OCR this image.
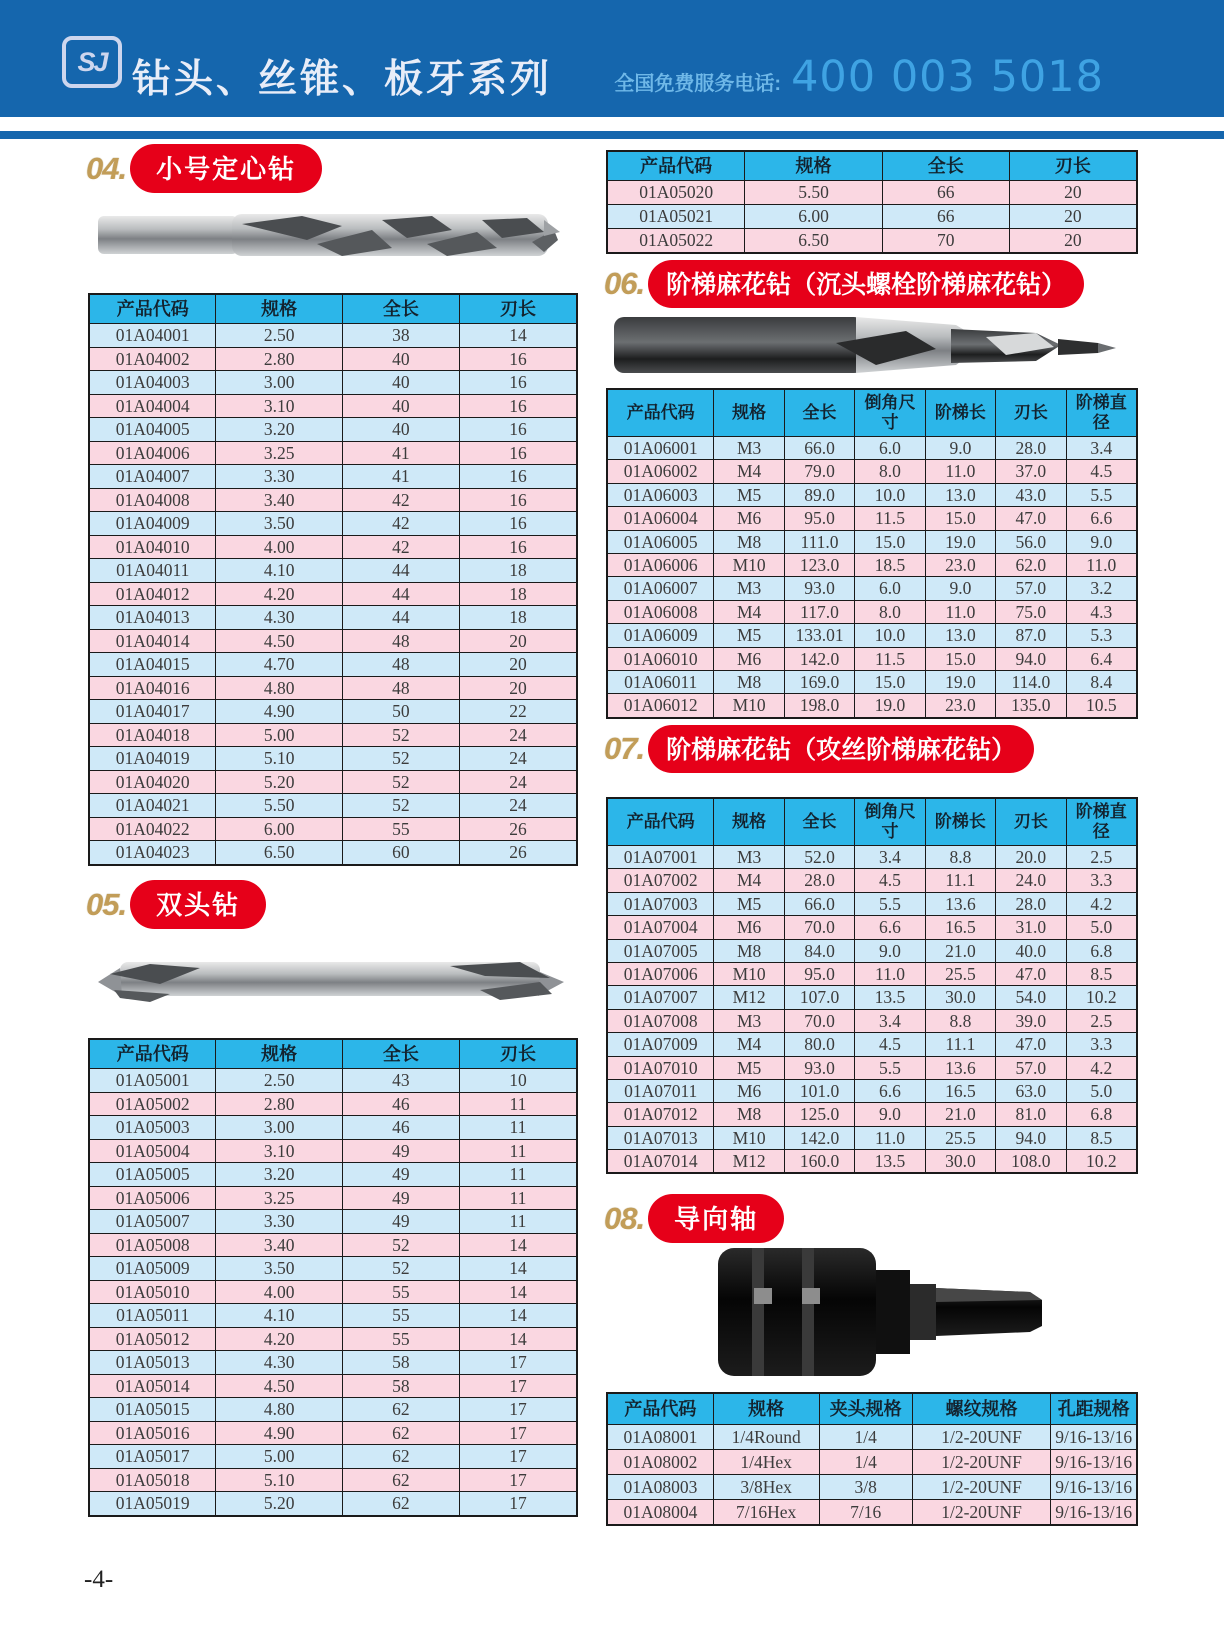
SJ 钻头、丝锥、板牙系列	全国免费服务电话: 400 003 5018
04.	小号定心钻
产品代码	规格	全长	刃长
01A04001	2.50	38	14
01A04002	2.80	40	16
01A04003	3.00	40	16
01A04004	3.10	40	16
01A04005	3.20	40	16
01A04006	3.25	41	16
01A04007	3.30	41	16
01A04008	3.40	42	16
01A04009	3.50	42	16
01A04010	4.00	42	16
01A04011	4.10	44	18
01A04012	4.20	44	18
01A04013	4.30	44	18
01A04014	4.50	48	20
01A04015	4.70	48	20
01A04016	4.80	48	20
01A04017	4.90	50	22
01A04018	5.00	52	24
01A04019	5.10	52	24
01A04020	5.20	52	24
01A04021	5.50	52	24
01A04022	6.00	55	26
01A04023	6.50	60	26
05.	双头钻
产品代码	规格	全长	刃长
01A05001	2.50	43	10
01A05002	2.80	46	11
01A05003	3.00	46	11
01A05004	3.10	49	11
01A05005	3.20	49	11
01A05006	3.25	49	11
01A05007	3.30	49	11
01A05008	3.40	52	14
01A05009	3.50	52	14
01A05010	4.00	55	14
01A05011	4.10	55	14
01A05012	4.20	55	14
01A05013	4.30	58	17
01A05014	4.50	58	17
01A05015	4.80	62	17
01A05016	4.90	62	17
01A05017	5.00	62	17
01A05018	5.10	62	17
01A05019	5.20	62	17
-4-
产品代码	规格	全长	刃长
01A05020	5.50	66	20
01A05021	6.00	66	20
01A05022	6.50	70	20
06. 阶梯麻花钻（沉头螺栓阶梯麻花钻）
产品代码	规格	全长	倒角尺寸	阶梯长	刃长	阶梯直径
01A06001	M3	66.0	6.0	9.0	28.0	3.4
01A06002	M4	79.0	8.0	11.0	37.0	4.5
01A06003	M5	89.0	10.0	13.0	43.0	5.5
01A06004	M6	95.0	11.5	15.0	47.0	6.6
01A06005	M8	111.0	15.0	19.0	56.0	9.0
01A06006	M10	123.0	18.5	23.0	62.0	11.0
01A06007	M3	93.0	6.0	9.0	57.0	3.2
01A06008	M4	117.0	8.0	11.0	75.0	4.3
01A06009	M5	133.01	10.0	13.0	87.0	5.3
01A06010	M6	142.0	11.5	15.0	94.0	6.4
01A06011	M8	169.0	15.0	19.0	114.0	8.4
01A06012	M10	198.0	19.0	23.0	135.0	10.5
07. 阶梯麻花钻（攻丝阶梯麻花钻）
产品代码	规格	全长	倒角尺寸	阶梯长	刃长	阶梯直径
01A07001	M3	52.0	3.4	8.8	20.0	2.5
01A07002	M4	28.0	4.5	11.1	24.0	3.3
01A07003	M5	66.0	5.5	13.6	28.0	4.2
01A07004	M6	70.0	6.6	16.5	31.0	5.0
01A07005	M8	84.0	9.0	21.0	40.0	6.8
01A07006	M10	95.0	11.0	25.5	47.0	8.5
01A07007	M12	107.0	13.5	30.0	54.0	10.2
01A07008	M3	70.0	3.4	8.8	39.0	2.5
01A07009	M4	80.0	4.5	11.1	47.0	3.3
01A07010	M5	93.0	5.5	13.6	57.0	4.2
01A07011	M6	101.0	6.6	16.5	63.0	5.0
01A07012	M8	125.0	9.0	21.0	81.0	6.8
01A07013	M10	142.0	11.0	25.5	94.0	8.5
01A07014	M12	160.0	13.5	30.0	108.0	10.2
08.	导向轴
产品代码	规格	夹头规格	螺纹规格	孔距规格
01A08001	1/4Round	1/4	1/2-20UNF	9/16-13/16
01A08002	1/4Hex	1/4	1/2-20UNF	9/16-13/16
01A08003	3/8Hex	3/8	1/2-20UNF	9/16-13/16
01A08004	7/16Hex	7/16	1/2-20UNF	9/16-13/16
